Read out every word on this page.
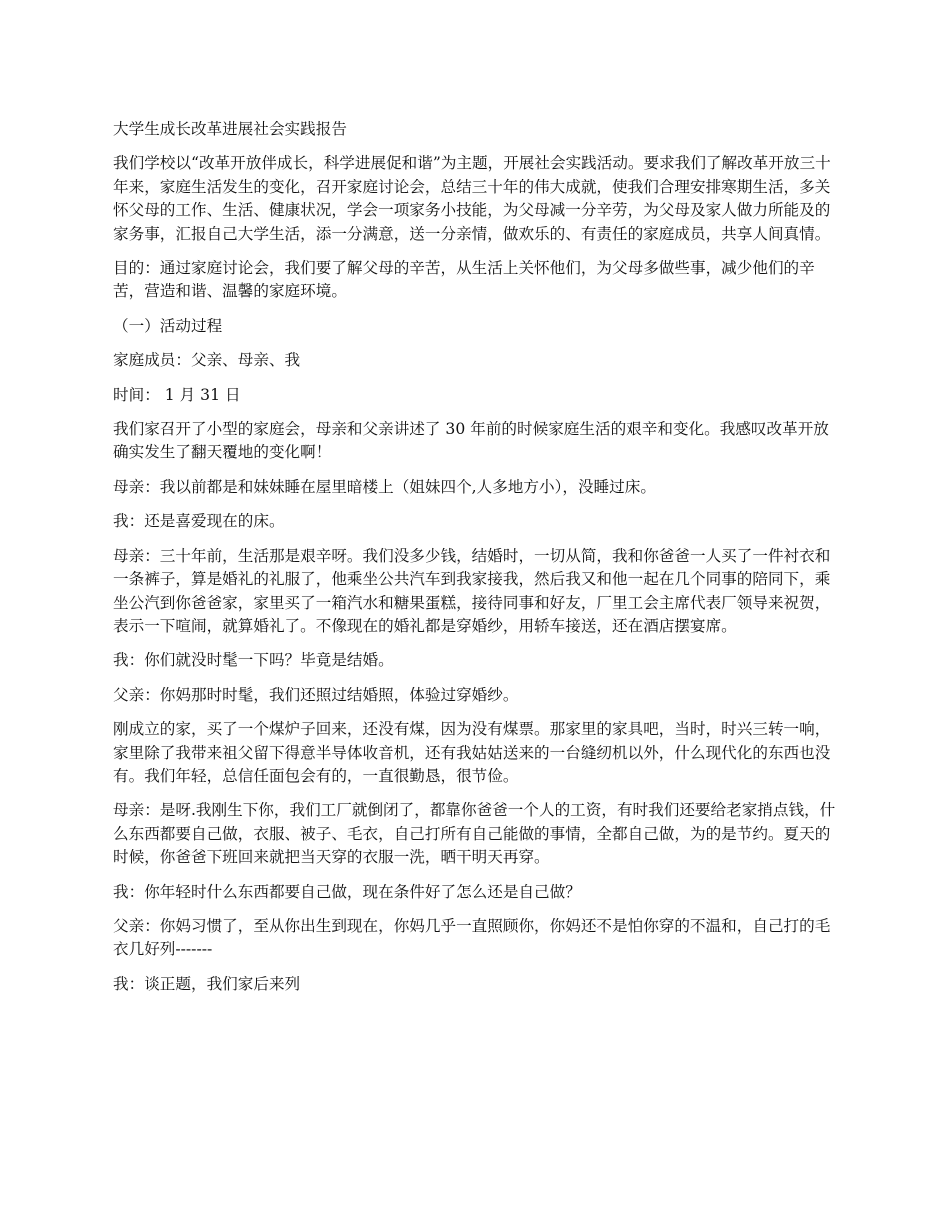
大学生成长改革进展社会实践报告

我们学校以“改革开放伴成长，科学进展促和谐”为主题，开展社会实践活动。要求我们了解改革开放三十年来，家庭生活发生的变化，召开家庭讨论会，总结三十年的伟大成就，使我们合理安排寒期生活，多关怀父母的工作、生活、健康状况，学会一项家务小技能，为父母减一分辛劳，为父母及家人做力所能及的家务事，汇报自己大学生活，添一分满意，送一分亲情，做欢乐的、有责任的家庭成员，共享人间真情。

目的：通过家庭讨论会，我们要了解父母的辛苦，从生活上关怀他们，为父母多做些事，减少他们的辛苦，营造和谐、温馨的家庭环境。

（一）活动过程

家庭成员：父亲、母亲、我

时间： 1 月 31 日

我们家召开了小型的家庭会，母亲和父亲讲述了 30 年前的时候家庭生活的艰辛和变化。我感叹改革开放确实发生了翻天覆地的变化啊！

母亲：我以前都是和妹妹睡在屋里暗楼上（姐妹四个,人多地方小），没睡过床。

我：还是喜爱现在的床。

母亲：三十年前，生活那是艰辛呀。我们没多少钱，结婚时，一切从简，我和你爸爸一人买了一件衬衣和一条裤子，算是婚礼的礼服了，他乘坐公共汽车到我家接我，然后我又和他一起在几个同事的陪同下，乘坐公汽到你爸爸家，家里买了一箱汽水和糖果蛋糕，接待同事和好友，厂里工会主席代表厂领导来祝贺，表示一下喧闹，就算婚礼了。不像现在的婚礼都是穿婚纱，用轿车接送，还在酒店摆宴席。

我：你们就没时髦一下吗？毕竟是结婚。

父亲：你妈那时时髦，我们还照过结婚照，体验过穿婚纱。

刚成立的家，买了一个煤炉子回来，还没有煤，因为没有煤票。那家里的家具吧，当时，时兴三转一响，家里除了我带来祖父留下得意半导体收音机，还有我姑姑送来的一台缝纫机以外，什么现代化的东西也没有。我们年轻，总信任面包会有的，一直很勤恳，很节俭。

母亲：是呀.我刚生下你，我们工厂就倒闭了，都靠你爸爸一个人的工资，有时我们还要给老家捎点钱，什么东西都要自己做，衣服、被子、毛衣，自己打所有自己能做的事情，全都自己做，为的是节约。夏天的时候，你爸爸下班回来就把当天穿的衣服一洗，晒干明天再穿。

我：你年轻时什么东西都要自己做，现在条件好了怎么还是自己做？

父亲：你妈习惯了，至从你出生到现在，你妈几乎一直照顾你，你妈还不是怕你穿的不温和，自己打的毛衣几好列-------

我：谈正题，我们家后来列
